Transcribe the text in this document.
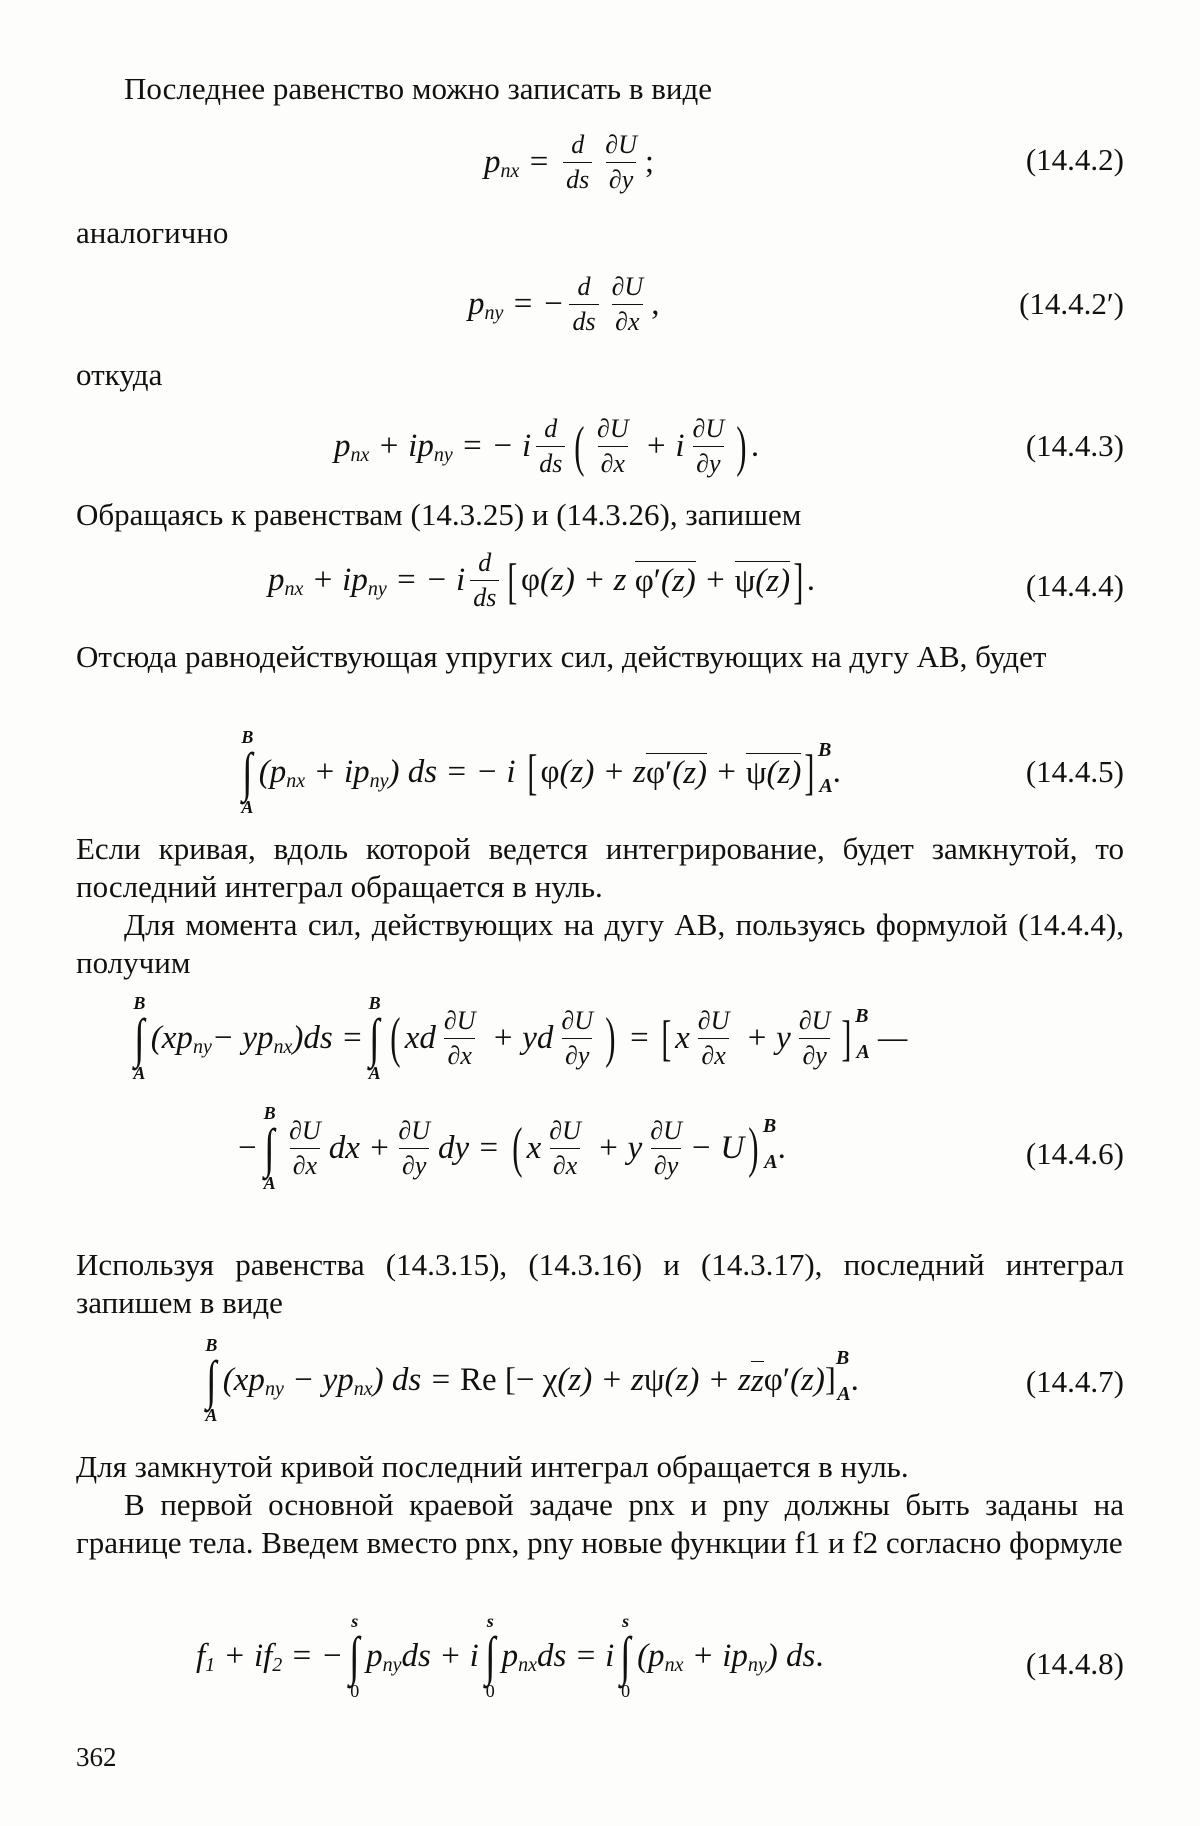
Последнее равенство можно записать в виде

p nx = $\frac{d}{ds} \frac{\partial U}{\partial y}$ ;	(14.4.2)

аналогично

p ny = − $\frac{d}{ds} \frac{\partial U}{\partial x}$ ,	(14.4.2′)

откуда

p nx + ip ny = − i $\frac{d}{ds}$ ( $\frac{\partial U}{\partial x} + i \frac{\partial U}{\partial y}$ ) .	(14.4.3)

Обращаясь к равенствам (14.3.25) и (14.3.26), запишем

p nx + ip ny = − i $\frac{d}{ds}$ [ φ (z) + z φ′(z) + ψ(z) ] .	(14.4.4)

Отсюда равнодействующая упругих сил, действующих на дугу AB, будет

B
∫
A
(p nx + ip ny ) ds = − i [ φ (z) + z φ′(z) + ψ(z) ] B
A .	(14.4.5)

Если кривая, вдоль которой ведется интегрирование, будет замкнутой, то последний интеграл обращается в нуль.

Для момента сил, действующих на дугу AB, пользуясь формулой (14.4.4), получим

B
∫
A
(xp ny − yp nx )ds =
B
∫
A
( xd $\frac{\partial U}{\partial x}$ + yd $\frac{\partial U}{\partial y}$ ) = [ x $\frac{\partial U}{\partial x} + y \frac{\partial U}{\partial y}$ ] B
A —
−
B
∫
A
$\frac{\partial U}{\partial x}$ dx + $\frac{\partial U}{\partial y}$ dy = ( x $\frac{\partial U}{\partial x} + y \frac{\partial U}{\partial y} - U$ ) B
A .	(14.4.6)

Используя равенства (14.3.15), (14.3.16) и (14.3.17), последний интеграл запишем в виде

B
∫
A
(xp ny − yp nx ) ds = Re [− χ (z) + z ψ (z) + z z φ′ (z) ]
B
A .	(14.4.7)

Для замкнутой кривой последний интеграл обращается в нуль.

В первой основной краевой задаче pnx и pny должны быть заданы на границе тела. Введем вместо pnx, pny новые функции f1 и f2 согласно формуле

f 1 + if 2 = −
s
∫
0
p ny ds + i
s
∫
0
p nx ds = i
s
∫
0
(p nx + ip ny ) ds .	(14.4.8)
362
